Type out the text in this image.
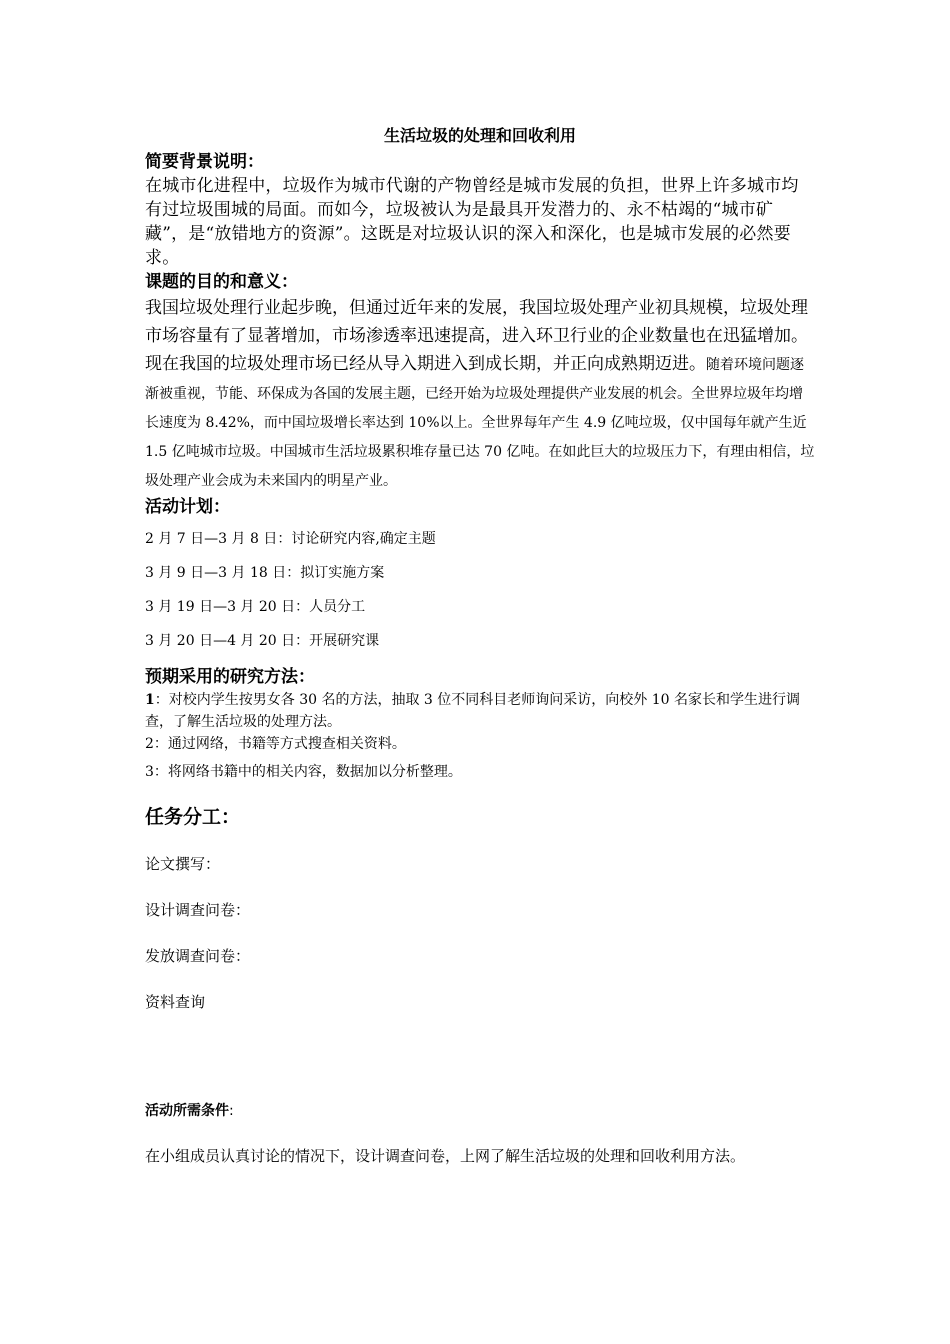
生活垃圾的处理和回收利用
简要背景说明：

在城市化进程中，垃圾作为城市代谢的产物曾经是城市发展的负担，世界上许多城市均有过垃圾围城的局面。而如今，垃圾被认为是最具开发潜力的、永不枯竭的“城市矿藏”，是“放错地方的资源”。这既是对垃圾认识的深入和深化，也是城市发展的必然要求。

课题的目的和意义：

我国垃圾处理行业起步晚，但通过近年来的发展，我国垃圾处理产业初具规模，垃圾处理市场容量有了显著增加，市场渗透率迅速提高，进入环卫行业的企业数量也在迅猛增加。现在我国的垃圾处理市场已经从导入期进入到成长期，并正向成熟期迈进。随着环境问题逐渐被重视，节能、环保成为各国的发展主题，已经开始为垃圾处理提供产业发展的机会。全世界垃圾年均增长速度为 8.42%，而中国垃圾增长率达到 10%以上。全世界每年产生 4.9 亿吨垃圾，仅中国每年就产生近 1.5 亿吨城市垃圾。中国城市生活垃圾累积堆存量已达 70 亿吨。在如此巨大的垃圾压力下，有理由相信，垃圾处理产业会成为未来国内的明星产业。

活动计划：

2 月 7 日—3 月 8 日：讨论研究内容,确定主题

3 月 9 日—3 月 18 日：拟订实施方案

3 月 19 日—3 月 20 日：人员分工

3 月 20 日—4 月 20 日：开展研究课

预期采用的研究方法：

1：对校内学生按男女各 30 名的方法，抽取 3 位不同科目老师询问采访，向校外 10 名家长和学生进行调查，了解生活垃圾的处理方法。

2：通过网络，书籍等方式搜查相关资料。

3：将网络书籍中的相关内容，数据加以分析整理。

任务分工：

论文撰写：

设计调查问卷：

发放调查问卷：

资料查询

活动所需条件:

在小组成员认真讨论的情况下，设计调查问卷，上网了解生活垃圾的处理和回收利用方法。
